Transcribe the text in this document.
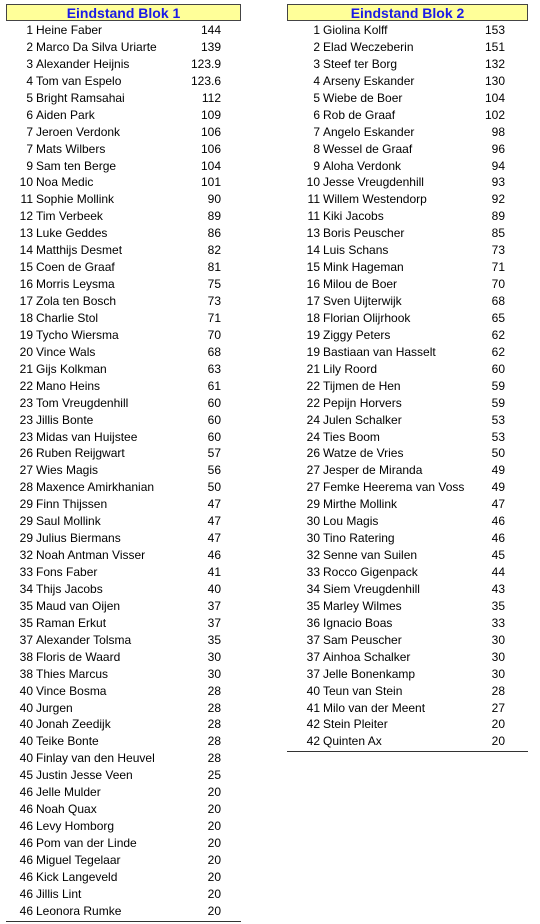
Eindstand Blok 1
1 Heine Faber	144
2 Marco Da Silva Uriarte	139
3 Alexander Heijnis	123.9
4 Tom van Espelo	123.6
5 Bright Ramsahai	112
6 Aiden Park	109
7 Jeroen Verdonk	106
7 Mats Wilbers	106
9 Sam ten Berge	104
10 Noa Medic	101
11 Sophie Mollink	90
12 Tim Verbeek	89
13 Luke Geddes	86
14 Matthijs Desmet	82
15 Coen de Graaf	81
16 Morris Leysma	75
17 Zola ten Bosch	73
18 Charlie Stol	71
19 Tycho Wiersma	70
20 Vince Wals	68
21 Gijs Kolkman	63
22 Mano Heins	61
23 Tom Vreugdenhill	60
23 Jillis Bonte	60
23 Midas van Huijstee	60
26 Ruben Reijgwart	57
27 Wies Magis	56
28 Maxence Amirkhanian	50
29 Finn Thijssen	47
29 Saul Mollink	47
29 Julius Biermans	47
32 Noah Antman Visser	46
33 Fons Faber	41
34 Thijs Jacobs	40
35 Maud van Oijen	37
35 Raman Erkut	37
37 Alexander Tolsma	35
38 Floris de Waard	30
38 Thies Marcus	30
40 Vince Bosma	28
40 Jurgen	28
40 Jonah Zeedijk	28
40 Teike Bonte	28
40 Finlay van den Heuvel	28
45 Justin Jesse Veen	25
46 Jelle Mulder	20
46 Noah Quax	20
46 Levy Homborg	20
46 Pom van der Linde	20
46 Miguel Tegelaar	20
46 Kick Langeveld	20
46 Jillis Lint	20
46 Leonora Rumke	20
Eindstand Blok 2
1 Giolina Kolff	153
2 Elad Weczeberin	151
3 Steef ter Borg	132
4 Arseny Eskander	130
5 Wiebe de Boer	104
6 Rob de Graaf	102
7 Angelo Eskander	98
8 Wessel de Graaf	96
9 Aloha Verdonk	94
10 Jesse Vreugdenhill	93
11 Willem Westendorp	92
11 Kiki Jacobs	89
13 Boris Peuscher	85
14 Luis Schans	73
15 Mink Hageman	71
16 Milou de Boer	70
17 Sven Uijterwijk	68
18 Florian Olijrhook	65
19 Ziggy Peters	62
19 Bastiaan van Hasselt	62
21 Lily Roord	60
22 Tijmen de Hen	59
22 Pepijn Horvers	59
24 Julen Schalker	53
24 Ties Boom	53
26 Watze de Vries	50
27 Jesper de Miranda	49
27 Femke Heerema van Voss	49
29 Mirthe Mollink	47
30 Lou Magis	46
30 Tino Ratering	46
32 Senne van Suilen	45
33 Rocco Gigenpack	44
34 Siem Vreugdenhill	43
35 Marley Wilmes	35
36 Ignacio Boas	33
37 Sam Peuscher	30
37 Ainhoa Schalker	30
37 Jelle Bonenkamp	30
40 Teun van Stein	28
41 Milo van der Meent	27
42 Stein Pleiter	20
42 Quinten Ax	20
